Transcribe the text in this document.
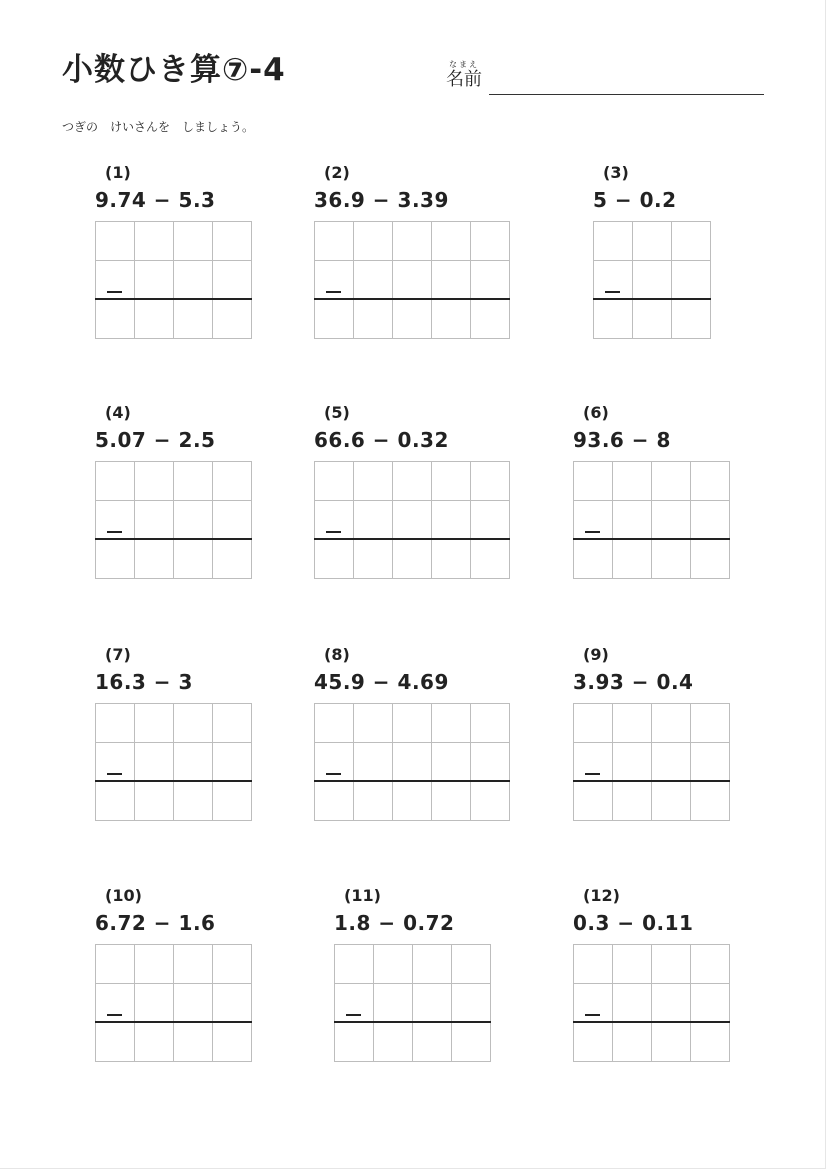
小数ひき算⑦-4	なまえ
名前
つぎの　けいさんを　しましょう。
(1)
9.74 − 5.3
(2)
36.9 − 3.39
(3)
5 − 0.2
(4)
5.07 − 2.5
(5)
66.6 − 0.32
(6)
93.6 − 8
(7)
16.3 − 3
(8)
45.9 − 4.69
(9)
3.93 − 0.4
(10)
6.72 − 1.6
(11)
1.8 − 0.72
(12)
0.3 − 0.11
